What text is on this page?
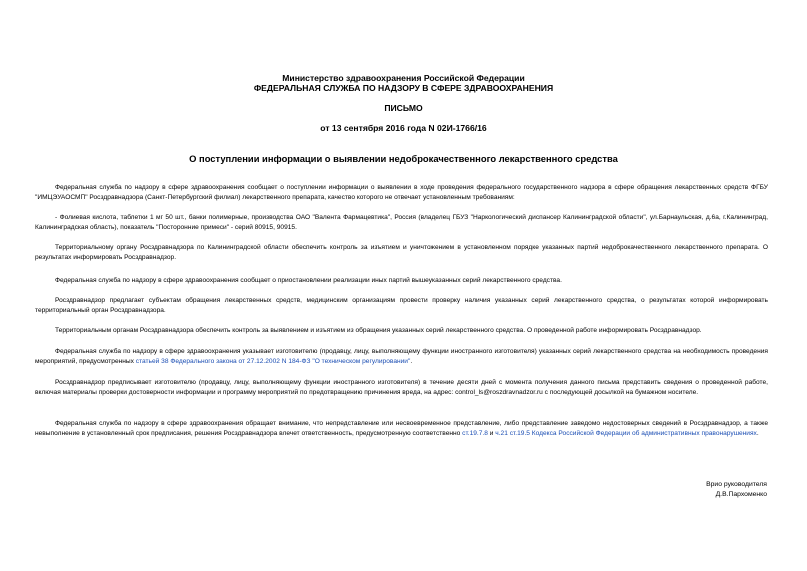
Министерство здравоохранения Российской Федерации
ФЕДЕРАЛЬНАЯ СЛУЖБА ПО НАДЗОРУ В СФЕРЕ ЗДРАВООХРАНЕНИЯ
ПИСЬМО
от 13 сентября 2016 года N 02И-1766/16
О поступлении информации о выявлении недоброкачественного лекарственного средства
Федеральная служба по надзору в сфере здравоохранения сообщает о поступлении информации о выявлении в ходе проведения федерального государственного надзора в сфере обращения лекарственных средств ФГБУ "ИМЦЭУАОСМП" Росздравнадзора (Санкт-Петербургский филиал) лекарственного препарата, качество которого не отвечает установленным требованиям:
- Фолиевая кислота, таблетки 1 мг 50 шт., банки полимерные, производства ОАО "Валента Фармацевтика", Россия (владелец ГБУЗ "Наркологический диспансер Калининградской области", ул.Барнаульская, д.6а, г.Калининград, Калининградская область), показатель "Посторонние примеси" - серий 80915, 90915.
Территориальному органу Росздравнадзора по Калининградской области обеспечить контроль за изъятием и уничтожением в установленном порядке указанных партий недоброкачественного лекарственного препарата. О результатах информировать Росздравнадзор.
Федеральная служба по надзору в сфере здравоохранения сообщает о приостановлении реализации иных партий вышеуказанных серий лекарственного средства.
Росздравнадзор предлагает субъектам обращения лекарственных средств, медицинским организациям провести проверку наличия указанных серий лекарственного средства, о результатах которой информировать территориальный орган Росздравнадзора.
Территориальным органам Росздравнадзора обеспечить контроль за выявлением и изъятием из обращения указанных серий лекарственного средства. О проведенной работе информировать Росздравнадзор.
Федеральная служба по надзору в сфере здравоохранения указывает изготовителю (продавцу, лицу, выполняющему функции иностранного изготовителя) указанных серий лекарственного средства на необходимость проведения мероприятий, предусмотренных статьей 38 Федерального закона от 27.12.2002 N 184-ФЗ "О техническом регулировании".
Росздравнадзор предписывает изготовителю (продавцу, лицу, выполняющему функции иностранного изготовителя) в течение десяти дней с момента получения данного письма представить сведения о проведенной работе, включая материалы проверки достоверности информации и программу мероприятий по предотвращению причинения вреда, на адрес: control_ls@roszdravnadzor.ru с последующей досылкой на бумажном носителе.
Федеральная служба по надзору в сфере здравоохранения обращает внимание, что непредставление или несвоевременное представление, либо представление заведомо недостоверных сведений в Росздравнадзор, а также невыполнение в установленный срок предписания, решения Росздравнадзора влечет ответственность, предусмотренную соответственно ст.19.7.8 и ч.21 ст.19.5 Кодекса Российской Федерации об административных правонарушениях.
Врио руководителя
Д.В.Пархоменко
